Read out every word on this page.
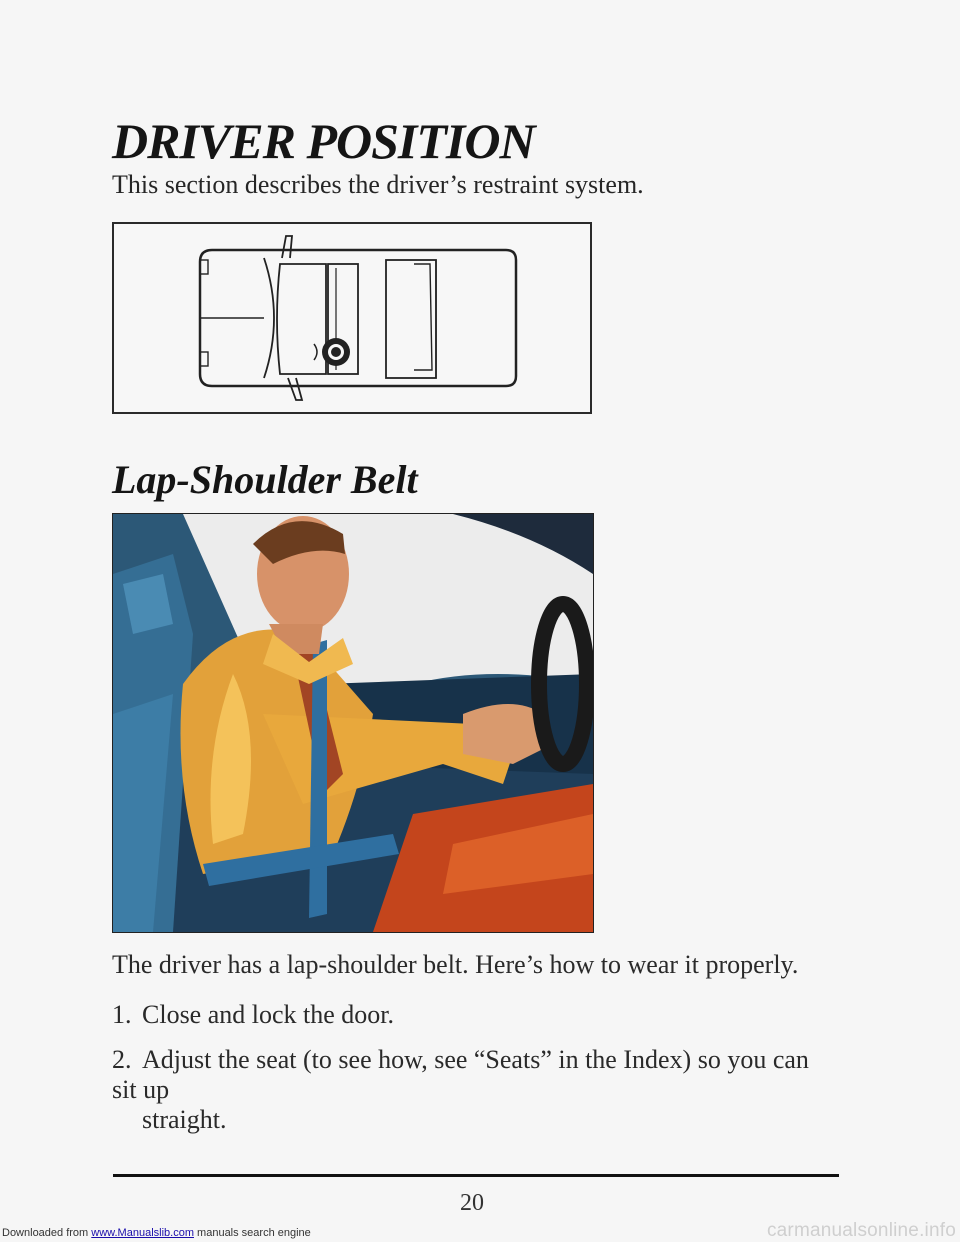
DRIVER POSITION

This section describes the driver’s restraint system.

Lap-Shoulder Belt

The driver has a lap-shoulder belt. Here’s how to wear it properly.

1. Close and lock the door.

2. Adjust the seat (to see how, see “Seats” in the Index) so you can sit up
straight.

20

Downloaded from www.Manualslib.com manuals search engine	carmanualsonline.info
